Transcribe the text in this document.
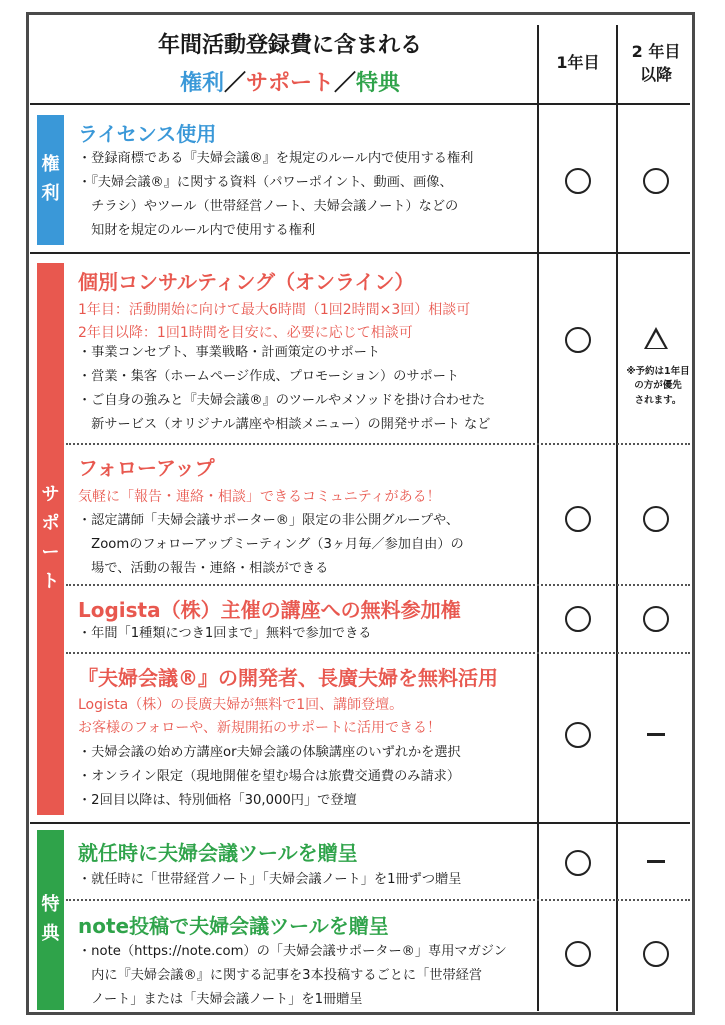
年間活動登録費に含まれる
権利／サポート／特典
1年目
2 年目
以降
権
利
サ
ポ
ー
ト
特
典
ライセンス使用
・登録商標である『夫婦会議®』を規定のルール内で使用する権利
・『夫婦会議®』に関する資料（パワーポイント、動画、画像、
　チラシ）やツール（世帯経営ノート、夫婦会議ノート）などの
　知財を規定のルール内で使用する権利
個別コンサルティング（オンライン）
1年目：活動開始に向けて最大6時間（1回2時間×3回）相談可
2年目以降：1回1時間を目安に、必要に応じて相談可
・事業コンセプト、事業戦略・計画策定のサポート
・営業・集客（ホームページ作成、プロモーション）のサポート
・ご自身の強みと『夫婦会議®』のツールやメソッドを掛け合わせた
　新サービス（オリジナル講座や相談メニュー）の開発サポート など
※予約は1年目
の方が優先
されます。
フォローアップ
気軽に「報告・連絡・相談」できるコミュニティがある！
・認定講師「夫婦会議サポーター®」限定の非公開グループや、
　Zoomのフォローアップミーティング（3ヶ月毎／参加自由）の
　場で、活動の報告・連絡・相談ができる
Logista（株）主催の講座への無料参加権
・年間「1種類につき1回まで」無料で参加できる
『夫婦会議®』の開発者、長廣夫婦を無料活用
Logista（株）の長廣夫婦が無料で1回、講師登壇。
お客様のフォローや、新規開拓のサポートに活用できる！
・夫婦会議の始め方講座or夫婦会議の体験講座のいずれかを選択
・オンライン限定（現地開催を望む場合は旅費交通費のみ請求）
・2回目以降は、特別価格「30,000円」で登壇
就任時に夫婦会議ツールを贈呈
・就任時に「世帯経営ノート」「夫婦会議ノート」を1冊ずつ贈呈
note投稿で夫婦会議ツールを贈呈
・note（https://note.com）の「夫婦会議サポーター®」専用マガジン
　内に『夫婦会議®』に関する記事を3本投稿するごとに「世帯経営
　ノート」または「夫婦会議ノート」を1冊贈呈
